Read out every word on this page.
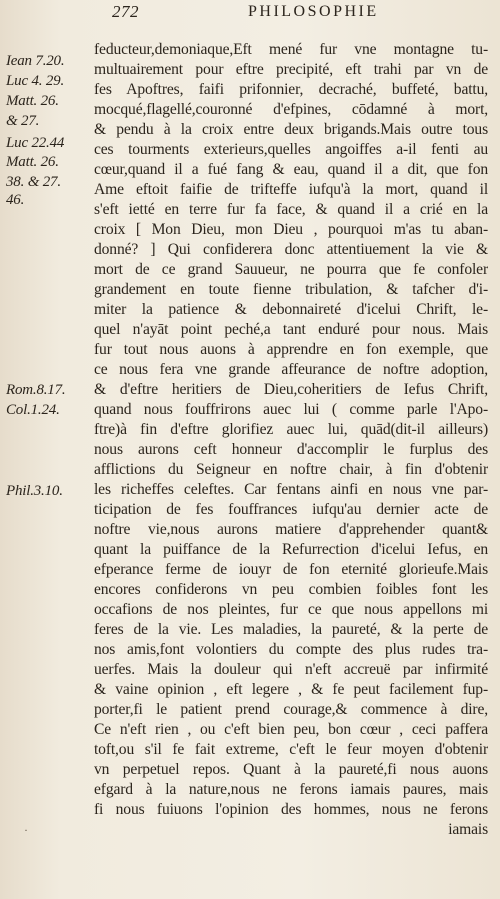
272	PHILOSOPHIE
Iean 7.20.
Luc 4. 29.
Matt. 26.
& 27.
Luc 22.44
Matt. 26.
38. & 27.
46.
Rom.8.17.
Col.1.24.
Phil.3.10.
feducteur,demoniaque,Eft mené fur vne montagne tu-
multuairement pour eftre precipité, eft trahi par vn de
fes Apoftres, faifi prifonnier, decraché, buffeté, battu,
mocqué,flagellé,couronné d'efpines, cōdamné à mort,
& pendu à la croix entre deux brigands.Mais outre tous
ces tourments exterieurs,quelles angoiffes a-il fenti au
cœur,quand il a fué fang & eau, quand il a dit, que fon
Ame eftoit faifie de trifteffe iufqu'à la mort, quand il
s'eft ietté en terre fur fa face, & quand il a crié en la
croix [ Mon Dieu, mon Dieu , pourquoi m'as tu aban-
donné? ] Qui confiderera donc attentiuement la vie &
mort de ce grand Sauueur, ne pourra que fe confoler
grandement en toute fienne tribulation, & tafcher d'i-
miter la patience & debonnaireté d'icelui Chrift, le-
quel n'ayāt point peché,a tant enduré pour nous. Mais
fur tout nous auons à apprendre en fon exemple, que
ce nous fera vne grande affeurance de noftre adoption,
& d'eftre heritiers de Dieu,coheritiers de Iefus Chrift,
quand nous fouffrirons auec lui ( comme parle l'Apo-
ftre)à fin d'eftre glorifiez auec lui, quād(dit-il ailleurs)
nous aurons ceft honneur d'accomplir le furplus des
afflictions du Seigneur en noftre chair, à fin d'obtenir
les richeffes celeftes. Car fentans ainfi en nous vne par-
ticipation de fes fouffrances iufqu'au dernier acte de
noftre vie,nous aurons matiere d'apprehender quant&
quant la puiffance de la Refurrection d'icelui Iefus, en
efperance ferme de iouyr de fon eternité glorieufe.Mais
encores confiderons vn peu combien foibles font les
occafions de nos pleintes, fur ce que nous appellons mi
feres de la vie. Les maladies, la paureté, & la perte de
nos amis,font volontiers du compte des plus rudes tra-
uerfes. Mais la douleur qui n'eft accreuë par infirmité
& vaine opinion , eft legere , & fe peut facilement fup-
porter,fi le patient prend courage,& commence à dire,
Ce n'eft rien , ou c'eft bien peu, bon cœur , ceci paffera
toft,ou s'il fe fait extreme, c'eft le feur moyen d'obtenir
vn perpetuel repos. Quant à la paureté,fi nous auons
efgard à la nature,nous ne ferons iamais paures, mais
fi nous fuiuons l'opinion des hommes, nous ne ferons
iamais
·
